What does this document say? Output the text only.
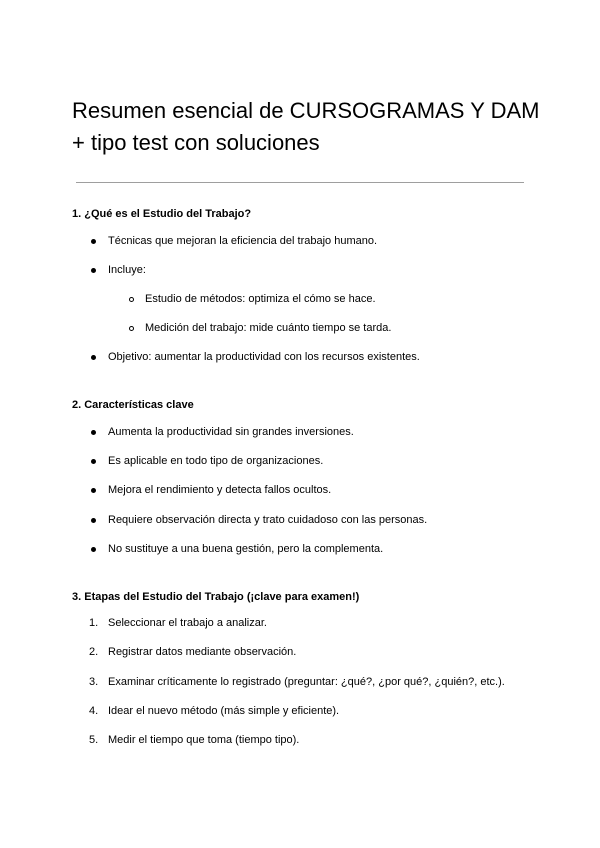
Resumen esencial de CURSOGRAMAS Y DAM + tipo test con soluciones
1. ¿Qué es el Estudio del Trabajo?
Técnicas que mejoran la eficiencia del trabajo humano.
Incluye:
Estudio de métodos: optimiza el cómo se hace.
Medición del trabajo: mide cuánto tiempo se tarda.
Objetivo: aumentar la productividad con los recursos existentes.
2. Características clave
Aumenta la productividad sin grandes inversiones.
Es aplicable en todo tipo de organizaciones.
Mejora el rendimiento y detecta fallos ocultos.
Requiere observación directa y trato cuidadoso con las personas.
No sustituye a una buena gestión, pero la complementa.
3. Etapas del Estudio del Trabajo (¡clave para examen!)
1. Seleccionar el trabajo a analizar.
2. Registrar datos mediante observación.
3. Examinar críticamente lo registrado (preguntar: ¿qué?, ¿por qué?, ¿quién?, etc.).
4. Idear el nuevo método (más simple y eficiente).
5. Medir el tiempo que toma (tiempo tipo).
